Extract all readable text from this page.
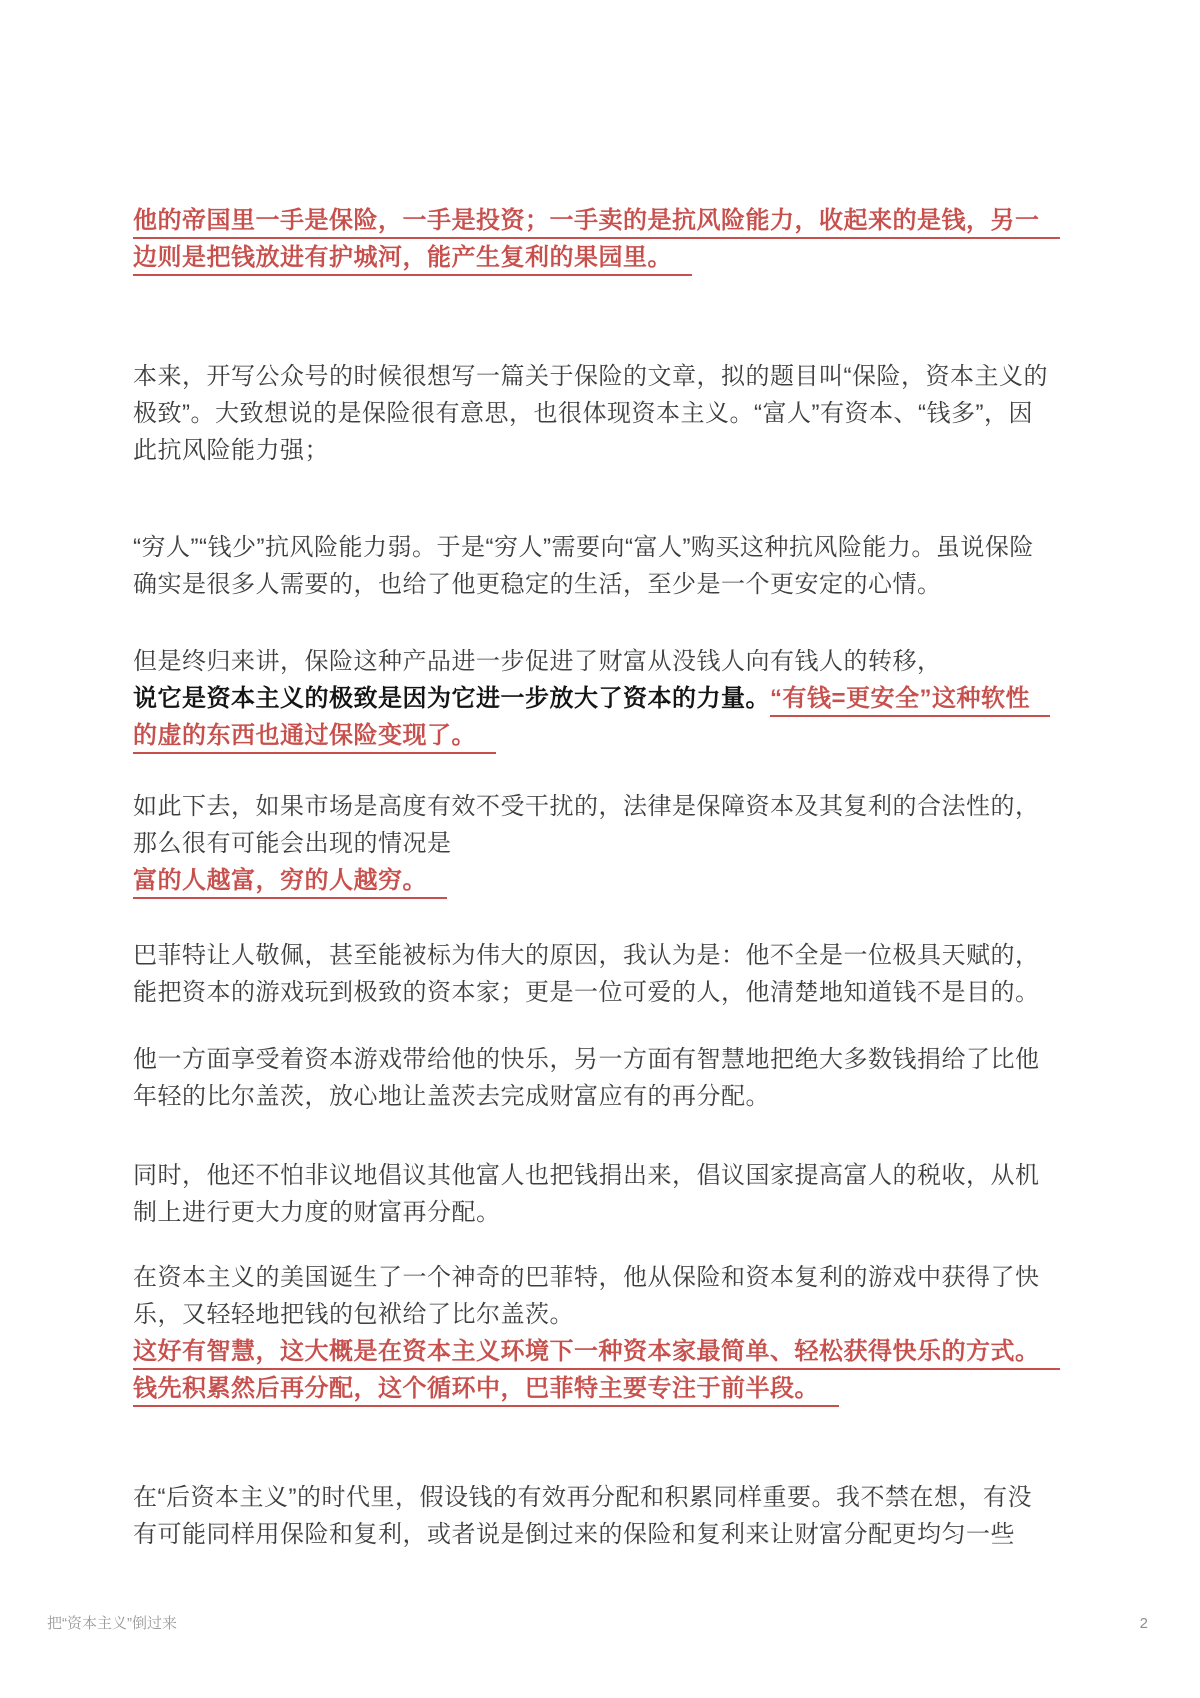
他的帝国里一手是保险，一手是投资；一手卖的是抗风险能力，收起来的是钱，另一
边则是把钱放进有护城河，能产生复利的果园里。

本来，开写公众号的时候很想写一篇关于保险的文章，拟的题目叫“保险，资本主义的
极致”。大致想说的是保险很有意思，也很体现资本主义。“富人”有资本、“钱多”，因
此抗风险能力强；

“穷人”“钱少”抗风险能力弱。于是“穷人”需要向“富人”购买这种抗风险能力。虽说保险
确实是很多人需要的，也给了他更稳定的生活，至少是一个更安定的心情。

但是终归来讲，保险这种产品进一步促进了财富从没钱人向有钱人的转移，
说它是资本主义的极致是因为它进一步放大了资本的力量。“有钱=更安全”这种软性
的虚的东西也通过保险变现了。

如此下去，如果市场是高度有效不受干扰的，法律是保障资本及其复利的合法性的，
那么很有可能会出现的情况是
富的人越富，穷的人越穷。

巴菲特让人敬佩，甚至能被标为伟大的原因，我认为是：他不全是一位极具天赋的，
能把资本的游戏玩到极致的资本家；更是一位可爱的人，他清楚地知道钱不是目的。

他一方面享受着资本游戏带给他的快乐，另一方面有智慧地把绝大多数钱捐给了比他
年轻的比尔盖茨，放心地让盖茨去完成财富应有的再分配。

同时，他还不怕非议地倡议其他富人也把钱捐出来，倡议国家提高富人的税收，从机
制上进行更大力度的财富再分配。

在资本主义的美国诞生了一个神奇的巴菲特，他从保险和资本复利的游戏中获得了快
乐，又轻轻地把钱的包袱给了比尔盖茨。
这好有智慧，这大概是在资本主义环境下一种资本家最简单、轻松获得快乐的方式。
钱先积累然后再分配，这个循环中，巴菲特主要专注于前半段。

在“后资本主义”的时代里，假设钱的有效再分配和积累同样重要。我不禁在想，有没
有可能同样用保险和复利，或者说是倒过来的保险和复利来让财富分配更均匀一些

把“资本主义”倒过来	2
